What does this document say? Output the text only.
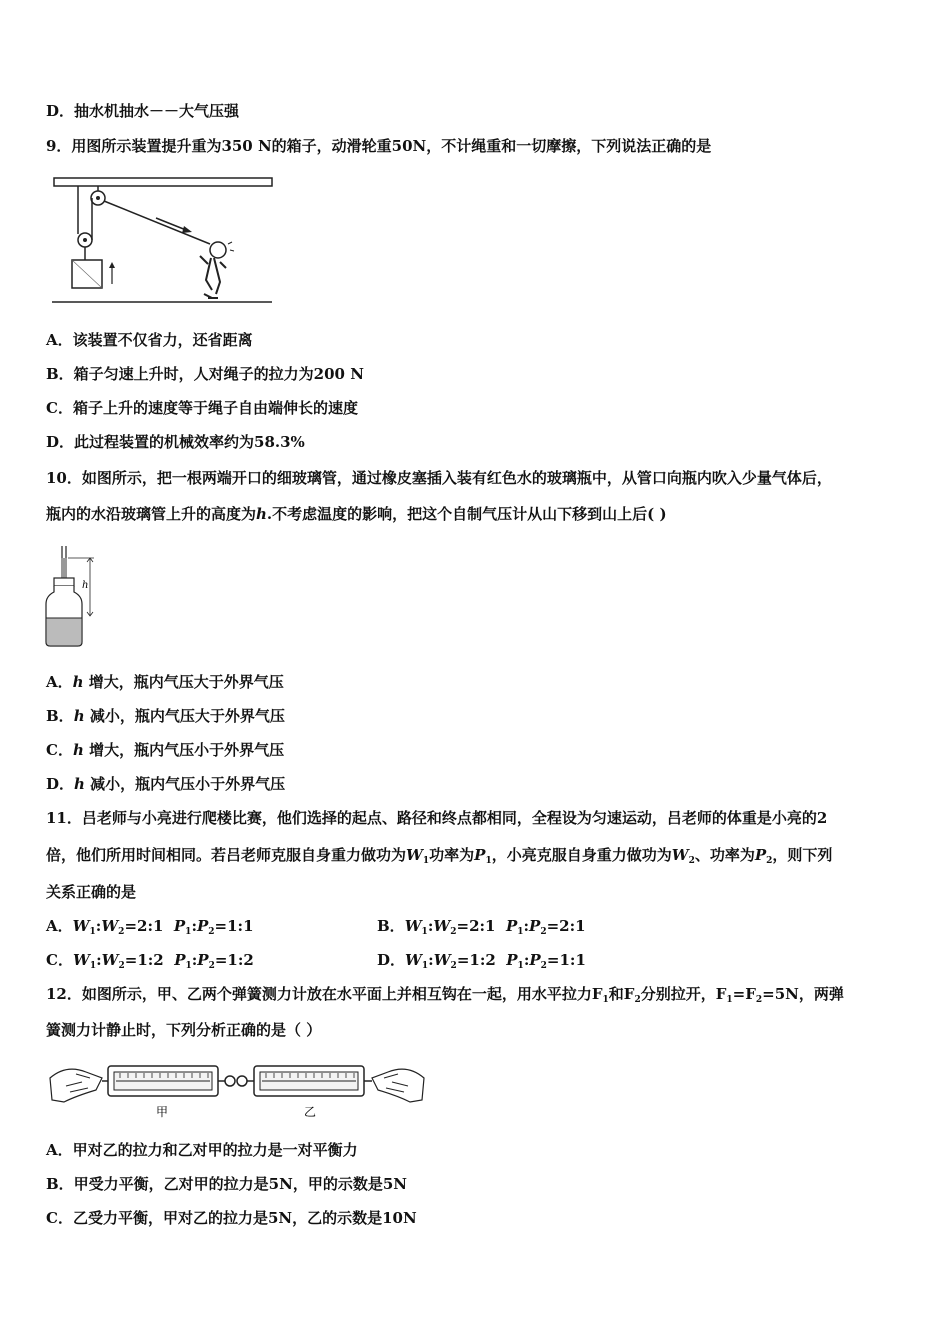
D．抽水机抽水－－大气压强
9．用图所示装置提升重为350 N的箱子，动滑轮重50N，不计绳重和一切摩擦，下列说法正确的是
A．该装置不仅省力，还省距离
B．箱子匀速上升时，人对绳子的拉力为200 N
C．箱子上升的速度等于绳子自由端伸长的速度
D．此过程装置的机械效率约为58.3%
10．如图所示，把一根两端开口的细玻璃管，通过橡皮塞插入装有红色水的玻璃瓶中，从管口向瓶内吹入少量气体后，
瓶内的水沿玻璃管上升的高度为h.不考虑温度的影响，把这个自制气压计从山下移到山上后( )
h
A．h 增大，瓶内气压大于外界气压
B．h 减小，瓶内气压大于外界气压
C．h 增大，瓶内气压小于外界气压
D．h 减小，瓶内气压小于外界气压
11．吕老师与小亮进行爬楼比赛，他们选择的起点、路径和终点都相同，全程设为匀速运动，吕老师的体重是小亮的2
倍，他们所用时间相同。若吕老师克服自身重力做功为$W_1$功率为$P_1$，小亮克服自身重力做功为$W_2$、功率为$P_2$，则下列
关系正确的是
A．$W_1:W_2=2:1$ $P_1:P_2=1:1$	B．$W_1:W_2=2:1$ $P_1:P_2=2:1$
C．$W_1:W_2=1:2$ $P_1:P_2=1:2$	D．$W_1:W_2=1:2$ $P_1:P_2=1:1$
12．如图所示，甲、乙两个弹簧测力计放在水平面上并相互钩在一起，用水平拉力$F_1$和$F_2$分别拉开，$F_1=F_2=5N$，两弹
簧测力计静止时，下列分析正确的是（ ）
甲	乙
A．甲对乙的拉力和乙对甲的拉力是一对平衡力
B．甲受力平衡，乙对甲的拉力是5N，甲的示数是5N
C．乙受力平衡，甲对乙的拉力是5N，乙的示数是10N
